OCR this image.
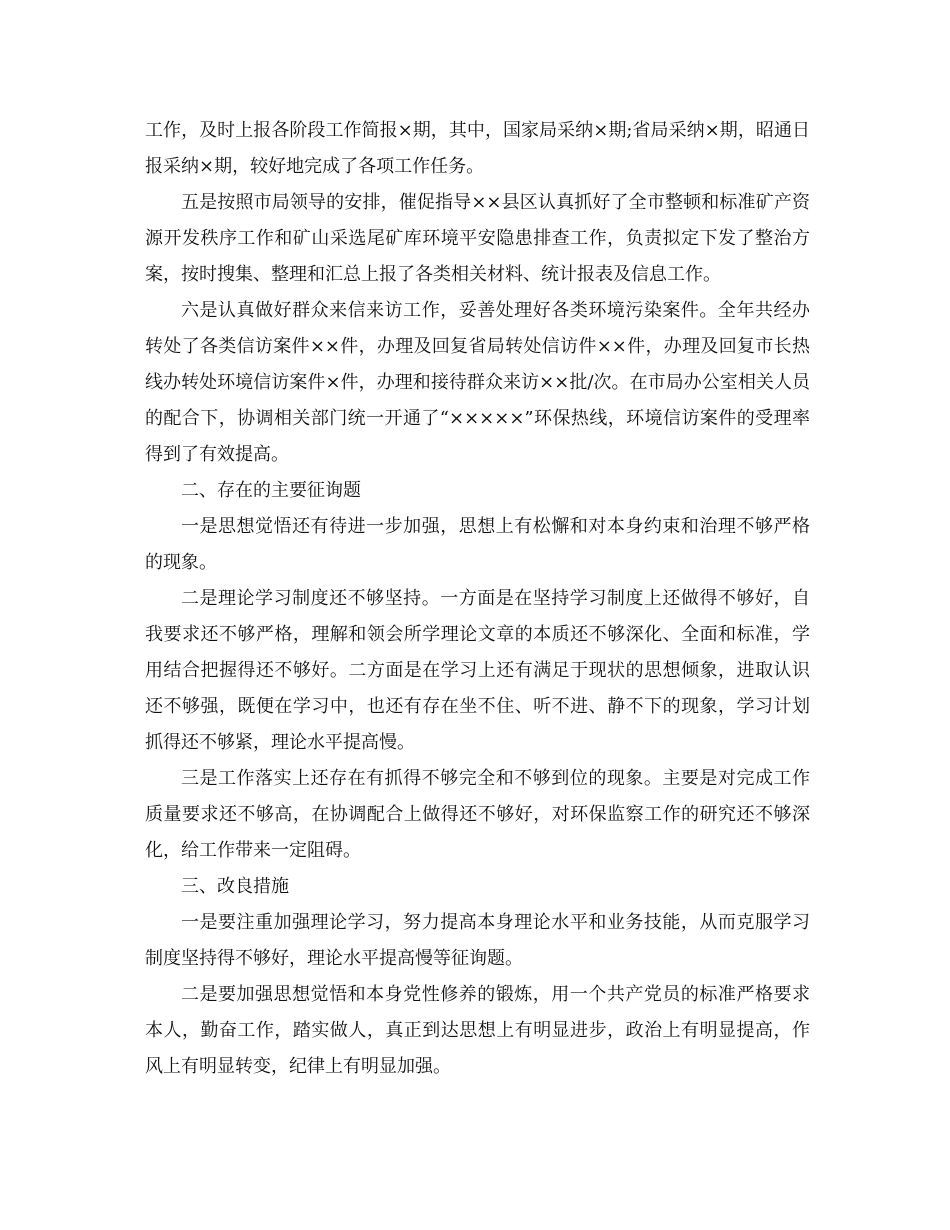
工作，及时上报各阶段工作简报×期，其中，国家局采纳×期;省局采纳×期，昭通日报采纳×期，较好地完成了各项工作任务。

五是按照市局领导的安排，催促指导××县区认真抓好了全市整顿和标准矿产资源开发秩序工作和矿山采选尾矿库环境平安隐患排查工作，负责拟定下发了整治方案，按时搜集、整理和汇总上报了各类相关材料、统计报表及信息工作。

六是认真做好群众来信来访工作，妥善处理好各类环境污染案件。全年共经办转处了各类信访案件××件，办理及回复省局转处信访件××件，办理及回复市长热线办转处环境信访案件×件，办理和接待群众来访××批/次。在市局办公室相关人员的配合下，协调相关部门统一开通了“×××××”环保热线，环境信访案件的受理率得到了有效提高。

二、存在的主要征询题

一是思想觉悟还有待进一步加强，思想上有松懈和对本身约束和治理不够严格的现象。

二是理论学习制度还不够坚持。一方面是在坚持学习制度上还做得不够好，自我要求还不够严格，理解和领会所学理论文章的本质还不够深化、全面和标准，学用结合把握得还不够好。二方面是在学习上还有满足于现状的思想倾象，进取认识还不够强，既便在学习中，也还有存在坐不住、听不进、静不下的现象，学习计划抓得还不够紧，理论水平提高慢。

三是工作落实上还存在有抓得不够完全和不够到位的现象。主要是对完成工作质量要求还不够高，在协调配合上做得还不够好，对环保监察工作的研究还不够深化，给工作带来一定阻碍。

三、改良措施

一是要注重加强理论学习，努力提高本身理论水平和业务技能，从而克服学习制度坚持得不够好，理论水平提高慢等征询题。

二是要加强思想觉悟和本身党性修养的锻炼，用一个共产党员的标准严格要求本人，勤奋工作，踏实做人，真正到达思想上有明显进步，政治上有明显提高，作风上有明显转变，纪律上有明显加强。
